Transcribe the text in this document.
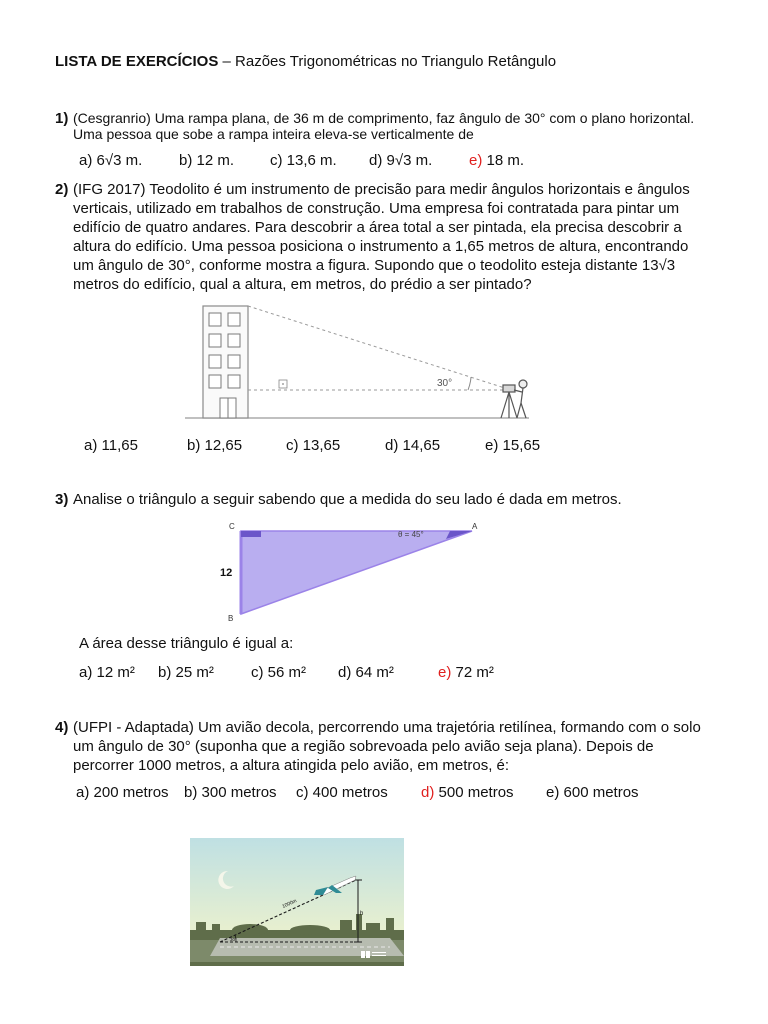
LISTA DE EXERCÍCIOS – Razões Trigonométricas no Triangulo Retângulo
1) (Cesgranrio) Uma rampa plana, de 36 m de comprimento, faz ângulo de 30° com o plano horizontal.
Uma pessoa que sobe a rampa inteira eleva-se verticalmente de
a) 6√3 m. b) 12 m. c) 13,6 m. d) 9√3 m. e) 18 m.
2) (IFG 2017) Teodolito é um instrumento de precisão para medir ângulos horizontais e ângulos
verticais, utilizado em trabalhos de construção. Uma empresa foi contratada para pintar um
edifício de quatro andares. Para descobrir a área total a ser pintada, ela precisa descobrir a
altura do edifício. Uma pessoa posiciona o instrumento a 1,65 metros de altura, encontrando
um ângulo de 30°, conforme mostra a figura. Supondo que o teodolito esteja distante 13√3
metros do edifício, qual a altura, em metros, do prédio a ser pintado?
30°
a) 11,65	b) 12,65	c) 13,65	d) 14,65	e) 15,65
3) Analise o triângulo a seguir sabendo que a medida do seu lado é dada em metros.
C	A
B
12
θ = 45°
A área desse triângulo é igual a:
a) 12 m² b) 25 m² c) 56 m² d) 64 m²	e) 72 m²
4) (UFPI - Adaptada) Um avião decola, percorrendo uma trajetória retilínea, formando com o solo
um ângulo de 30° (suponha que a região sobrevoada pelo avião seja plana). Depois de
percorrer 1000 metros, a altura atingida pelo avião, em metros, é:
a) 200 metros b) 300 metros c) 400 metros d) 500 metros e) 600 metros
h
1000m
30°
